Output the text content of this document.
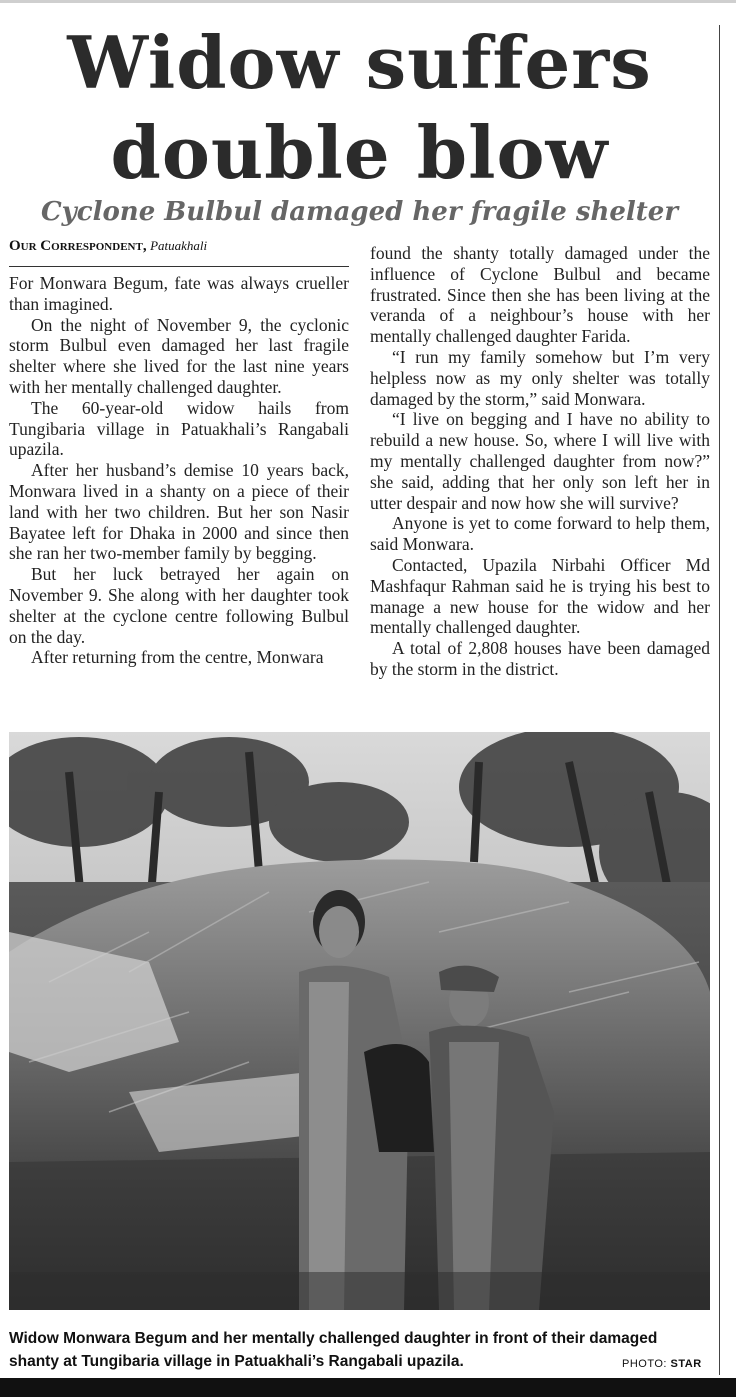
Widow suffers double blow
Cyclone Bulbul damaged her fragile shelter
Our Correspondent, Patuakhali

For Monwara Begum, fate was always crueller than imagined.

On the night of November 9, the cyclonic storm Bulbul even damaged her last fragile shelter where she lived for the last nine years with her mentally challenged daughter.

The 60-year-old widow hails from Tungibaria village in Patuakhali’s Rangabali upazila.

After her husband’s demise 10 years back, Monwara lived in a shanty on a piece of their land with her two children. But her son Nasir Bayatee left for Dhaka in 2000 and since then she ran her two-member family by begging.

But her luck betrayed her again on November 9. She along with her daughter took shelter at the cyclone centre following Bulbul on the day.

After returning from the centre, Monwara

found the shanty totally damaged under the influence of Cyclone Bulbul and became frustrated. Since then she has been living at the veranda of a neighbour’s house with her mentally challenged daughter Farida.

“I run my family somehow but I’m very helpless now as my only shelter was totally damaged by the storm,” said Monwara.

“I live on begging and I have no ability to rebuild a new house. So, where I will live with my mentally challenged daughter from now?” she said, adding that her only son left her in utter despair and now how she will survive?

Anyone is yet to come forward to help them, said Monwara.

Contacted, Upazila Nirbahi Officer Md Mashfaqur Rahman said he is trying his best to manage a new house for the widow and her mentally challenged daughter.

A total of 2,808 houses have been damaged by the storm in the district.

Widow Monwara Begum and her mentally challenged daughter in front of their damaged shanty at Tungibaria village in Patuakhali’s Rangabali upazila.	PHOTO: STAR
